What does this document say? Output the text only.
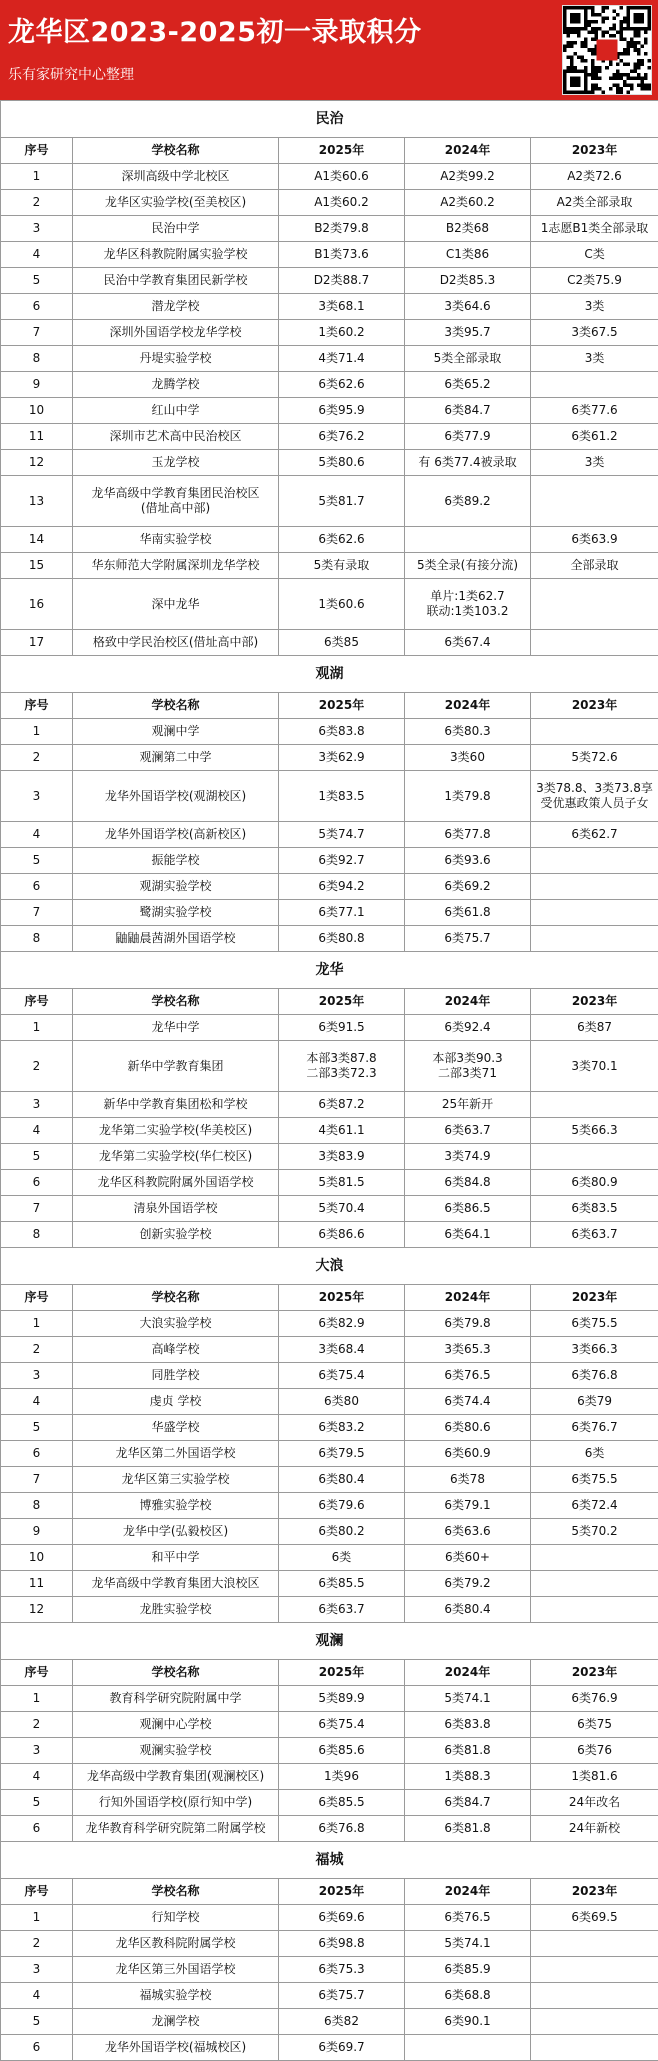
龙华区2023-2025初一录取积分
乐有家研究中心整理
民治				
序号	学校名称	2025年	2024年	2023年
1	深圳高级中学北校区	A1类60.6	A2类99.2	A2类72.6
2	龙华区实验学校(至美校区)	A1类60.2	A2类60.2	A2类全部录取
3	民治中学	B2类79.8	B2类68	1志愿B1类全部录取
4	龙华区科教院附属实验学校	B1类73.6	C1类86	C类
5	民治中学教育集团民新学校	D2类88.7	D2类85.3	C2类75.9
6	潜龙学校	3类68.1	3类64.6	3类
7	深圳外国语学校龙华学校	1类60.2	3类95.7	3类67.5
8	丹堤实验学校	4类71.4	5类全部录取	3类
9	龙腾学校	6类62.6	6类65.2	
10	红山中学	6类95.9	6类84.7	6类77.6
11	深圳市艺术高中民治校区	6类76.2	6类77.9	6类61.2
12	玉龙学校	5类80.6	有 6类77.4被录取	3类
13	龙华高级中学教育集团民治校区
(借址高中部)	5类81.7	6类89.2	
14	华南实验学校	6类62.6		6类63.9
15	华东师范大学附属深圳龙华学校	5类有录取	5类全录(有接分流)	全部录取
16	深中龙华	1类60.6	单片:1类62.7
联动:1类103.2	
17	格致中学民治校区(借址高中部)	6类85	6类67.4	
观湖				
序号	学校名称	2025年	2024年	2023年
1	观澜中学	6类83.8	6类80.3	
2	观澜第二中学	3类62.9	3类60	5类72.6
3	龙华外国语学校(观湖校区)	1类83.5	1类79.8	3类78.8、3类73.8享
受优惠政策人员子女
4	龙华外国语学校(高新校区)	5类74.7	6类77.8	6类62.7
5	振能学校	6类92.7	6类93.6	
6	观湖实验学校	6类94.2	6类69.2	
7	鹭湖实验学校	6类77.1	6类61.8	
8	鼬鼬晨茜湖外国语学校	6类80.8	6类75.7	
龙华				
序号	学校名称	2025年	2024年	2023年
1	龙华中学	6类91.5	6类92.4	6类87
2	新华中学教育集团	本部3类87.8
二部3类72.3	本部3类90.3
二部3类71	3类70.1
3	新华中学教育集团松和学校	6类87.2	25年新开	
4	龙华第二实验学校(华美校区)	4类61.1	6类63.7	5类66.3
5	龙华第二实验学校(华仁校区)	3类83.9	3类74.9	
6	龙华区科教院附属外国语学校	5类81.5	6类84.8	6类80.9
7	清泉外国语学校	5类70.4	6类86.5	6类83.5
8	创新实验学校	6类86.6	6类64.1	6类63.7
大浪				
序号	学校名称	2025年	2024年	2023年
1	大浪实验学校	6类82.9	6类79.8	6类75.5
2	高峰学校	3类68.4	3类65.3	3类66.3
3	同胜学校	6类75.4	6类76.5	6类76.8
4	虔贞 学校	6类80	6类74.4	6类79
5	华盛学校	6类83.2	6类80.6	6类76.7
6	龙华区第二外国语学校	6类79.5	6类60.9	6类
7	龙华区第三实验学校	6类80.4	6类78	6类75.5
8	博雅实验学校	6类79.6	6类79.1	6类72.4
9	龙华中学(弘毅校区)	6类80.2	6类63.6	5类70.2
10	和平中学	6类	6类60+	
11	龙华高级中学教育集团大浪校区	6类85.5	6类79.2	
12	龙胜实验学校	6类63.7	6类80.4	
观澜				
序号	学校名称	2025年	2024年	2023年
1	教育科学研究院附属中学	5类89.9	5类74.1	6类76.9
2	观澜中心学校	6类75.4	6类83.8	6类75
3	观澜实验学校	6类85.6	6类81.8	6类76
4	龙华高级中学教育集团(观澜校区)	1类96	1类88.3	1类81.6
5	行知外国语学校(原行知中学)	6类85.5	6类84.7	24年改名
6	龙华教育科学研究院第二附属学校	6类76.8	6类81.8	24年新校
福城				
序号	学校名称	2025年	2024年	2023年
1	行知学校	6类69.6	6类76.5	6类69.5
2	龙华区教科院附属学校	6类98.8	5类74.1	
3	龙华区第三外国语学校	6类75.3	6类85.9	
4	福城实验学校	6类75.7	6类68.8	
5	龙澜学校	6类82	6类90.1	
6	龙华外国语学校(福城校区)	6类69.7		
